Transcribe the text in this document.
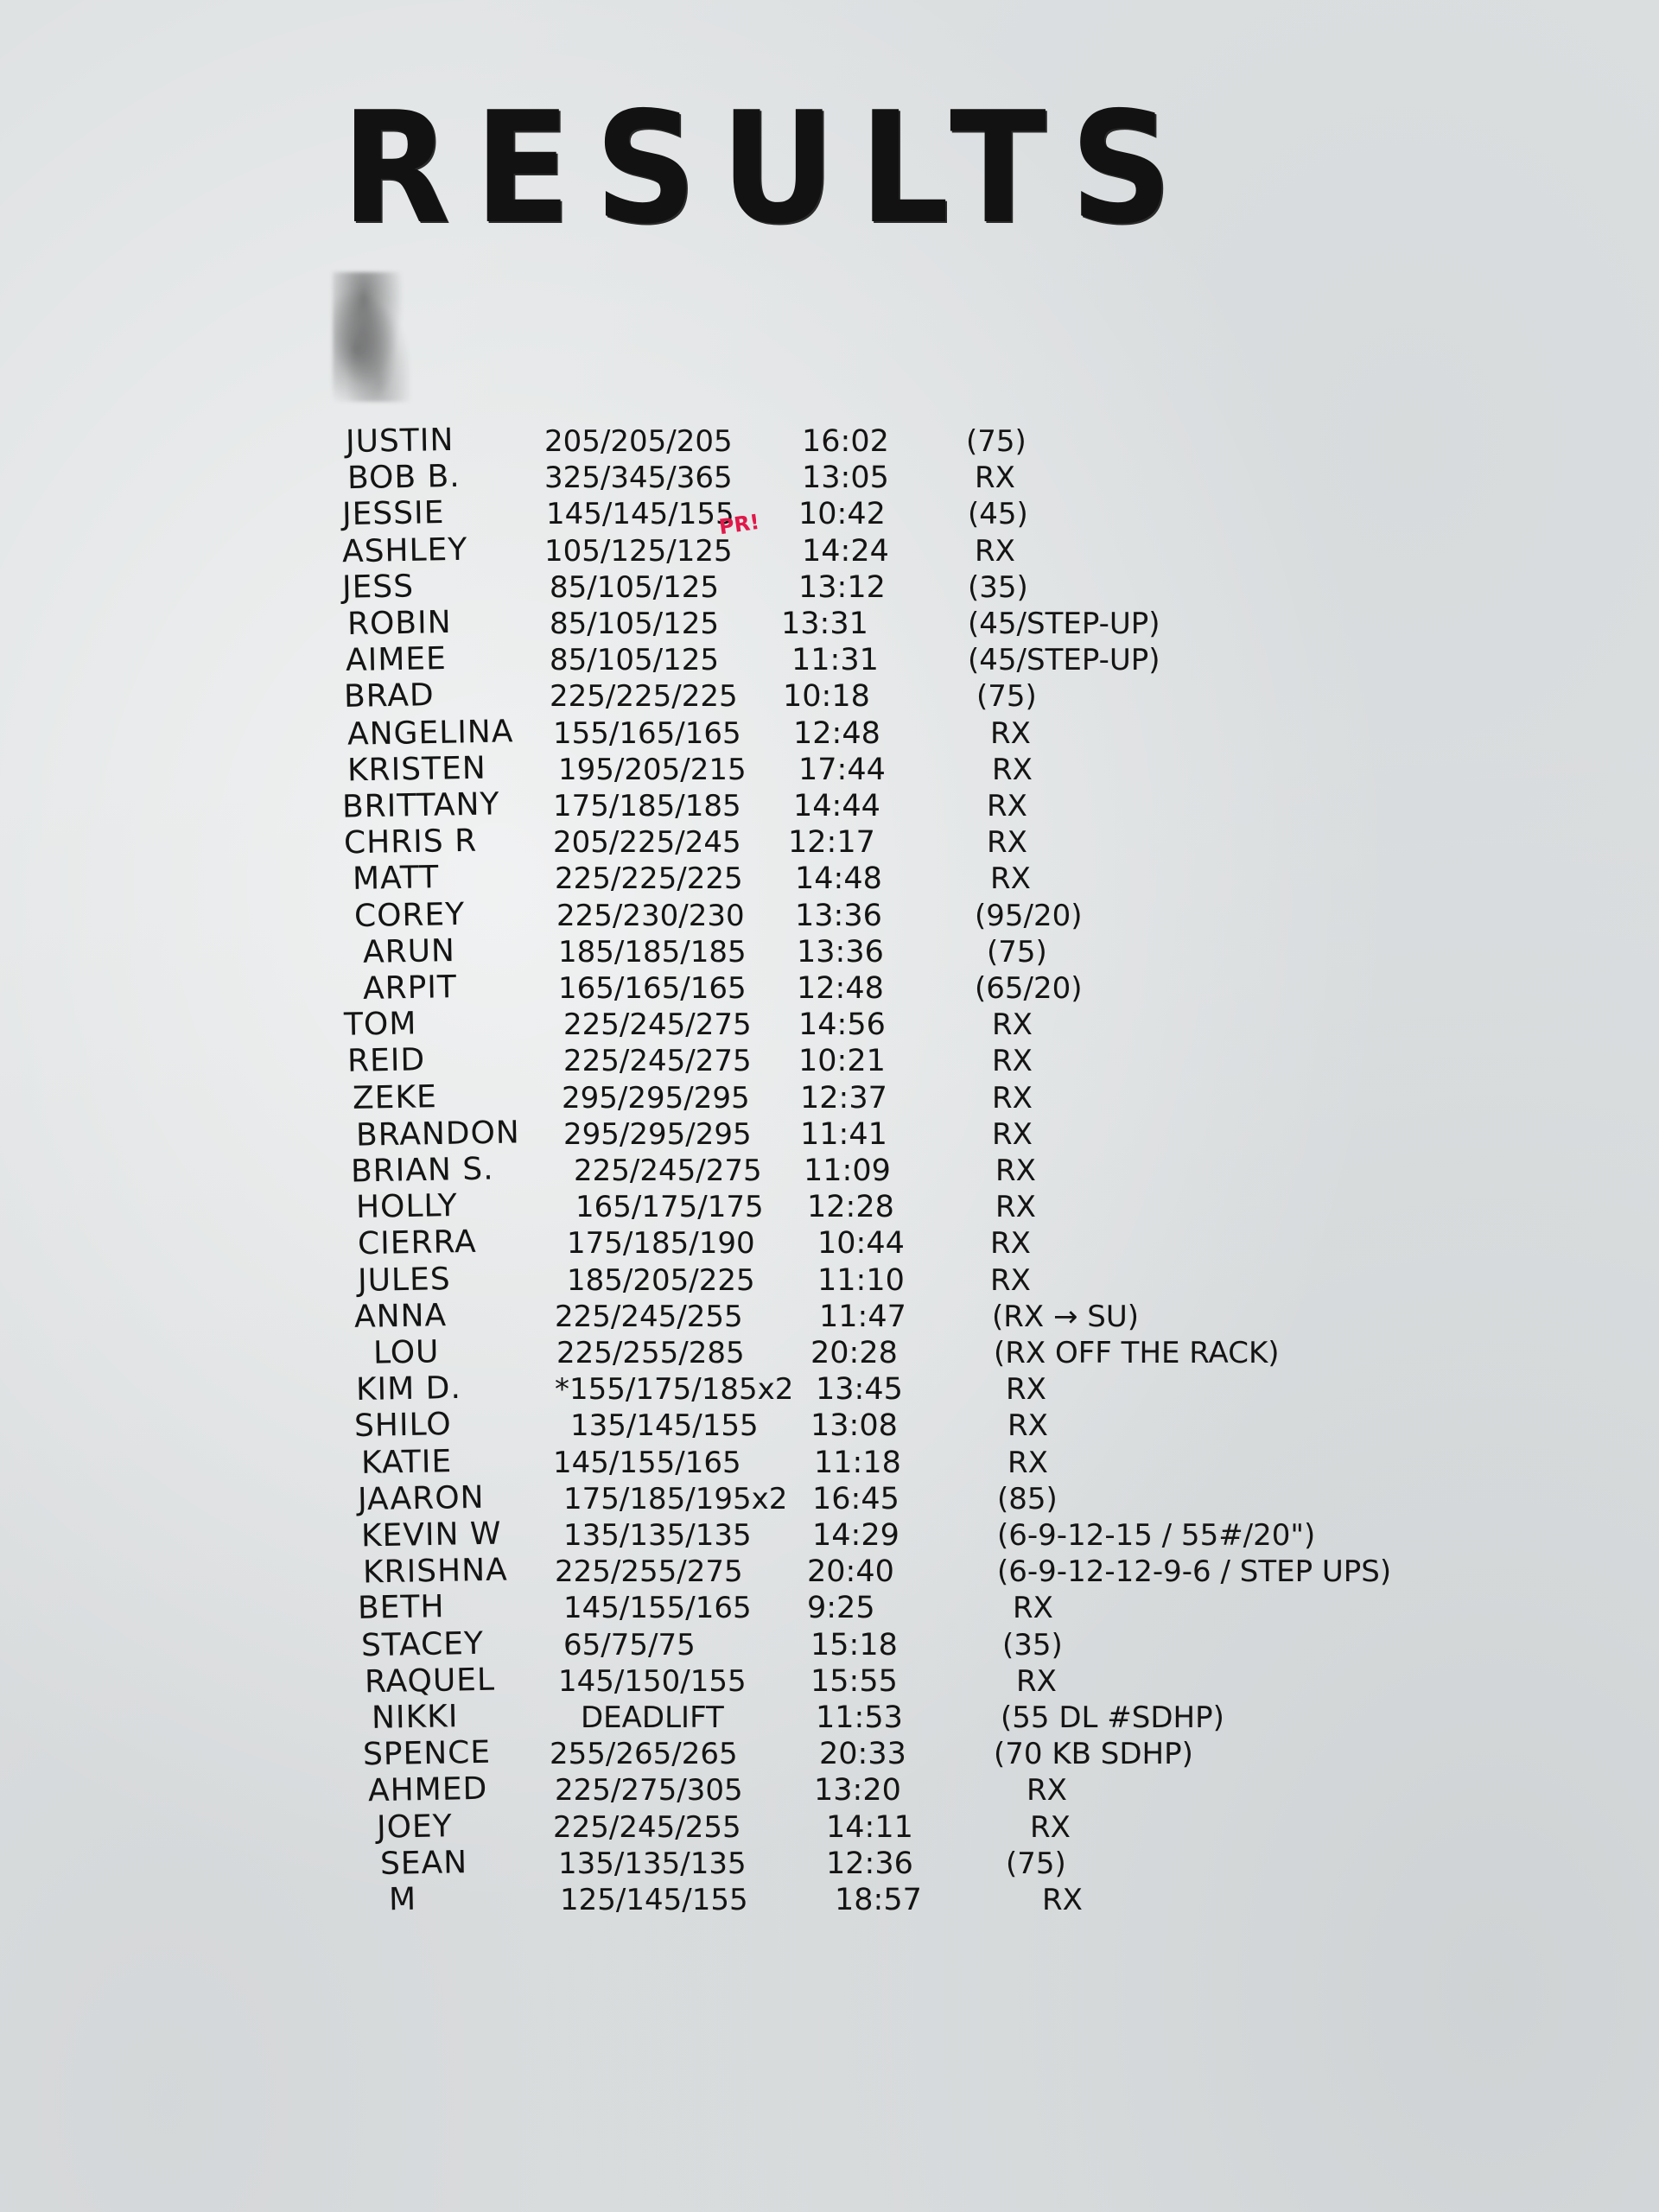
RESULTS
JUSTIN	205/205/205 16:02	(75)
BOB B.	325/345/365 13:05	RX
JESSIE	145/145/155 10:42	(45)
ASHLEY	105/125/125 14:24	RX
JESS	85/105/125	13:12	(35)
ROBIN	85/105/125 13:31	(45/STEP-UP)
AIMEE	85/105/125 11:31	(45/STEP-UP)
BRAD	225/225/225 10:18	(75)
ANGELINA 155/165/165 12:48	RX
KRISTEN 195/205/215 17:44	RX
BRITTANY 175/185/185 14:44	RX
CHRIS R	205/225/245 12:17	RX
MATT	225/225/225 14:48	RX
COREY	225/230/230 13:36	(95/20)
ARUN	185/185/185 13:36	(75)
ARPIT	165/165/165 12:48	(65/20)
TOM	225/245/275 14:56	RX
REID	225/245/275 10:21	RX
ZEKE	295/295/295 12:37	RX
BRANDON 295/295/295 11:41	RX
BRIAN S.	225/245/275 11:09	RX
HOLLY	165/175/175 12:28	RX
CIERRA	175/185/190 10:44	RX
JULES	185/205/225 11:10	RX
ANNA	225/245/255	11:47	(RX → SU)
LOU	225/255/285 20:28	(RX OFF THE RACK)
KIM D.	*155/175/185x2 13:45	RX
SHILO	135/145/155 13:08	RX
KATIE	145/155/165 11:18	RX
JAARON	175/185/195x2 16:45	(85)
KEVIN W 135/135/135 14:29	(6-9-12-15 / 55#/20")
KRISHNA 225/255/275 20:40	(6-9-12-12-9-6 / STEP UPS)
BETH	145/155/165 9:25	RX
STACEY	65/75/75	15:18	(35)
RAQUEL 145/150/155 15:55	RX
NIKKI	DEADLIFT	11:53	(55 DL #SDHP)
SPENCE 255/265/265	20:33	(70 KB SDHP)
AHMED 225/275/305 13:20	RX
JOEY	225/245/255	14:11	RX
SEAN	135/135/135	12:36	(75)
M	125/145/155	18:57	RX
PR!
